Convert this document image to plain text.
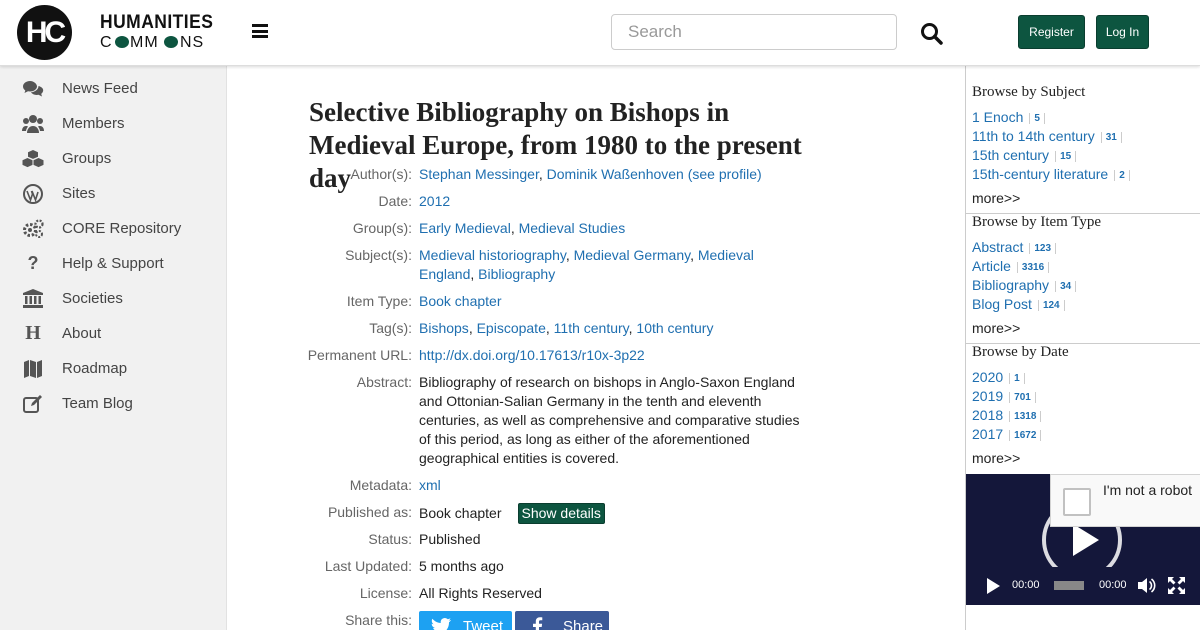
HC HUMANITIES
C MM NS
Search
Register	Log In
News Feed
Members
Groups
Sites
CORE Repository
?	Help & Support
Societies
H About
Roadmap
Team Blog
Selective Bibliography on Bishops in Medieval Europe, from 1980 to the present day Author(s): Stephan Messinger, Dominik Waßenhoven (see profile)
Date: 2012
Group(s): Early Medieval, Medieval Studies
Subject(s): Medieval historiography, Medieval Germany, Medieval England, Bibliography
Item Type: Book chapter
Tag(s): Bishops, Episcopate, 11th century, 10th century
Permanent URL: http://dx.doi.org/10.17613/r10x-3p22
Abstract: Bibliography of research on bishops in Anglo-Saxon England and Ottonian-Salian Germany in the tenth and eleventh centuries, as well as comprehensive and comparative studies of this period, as long as either of the aforementioned geographical entities is covered.
Metadata: xml
Published as: Book chapter Show details
Status: Published
Last Updated: 5 months ago
License: All Rights Reserved
Share this:	Tweet	Share
Browse by Subject
1 Enoch 5
11th to 14th century 31
15th century 15
15th-century literature 2
more>>
Browse by Item Type
Abstract 123
Article 3316
Bibliography 34
Blog Post 124
more>>
Browse by Date
2020 1
2019 701
2018 1318
2017 1672
more>>
I'm not a robot
00:00	00:00
